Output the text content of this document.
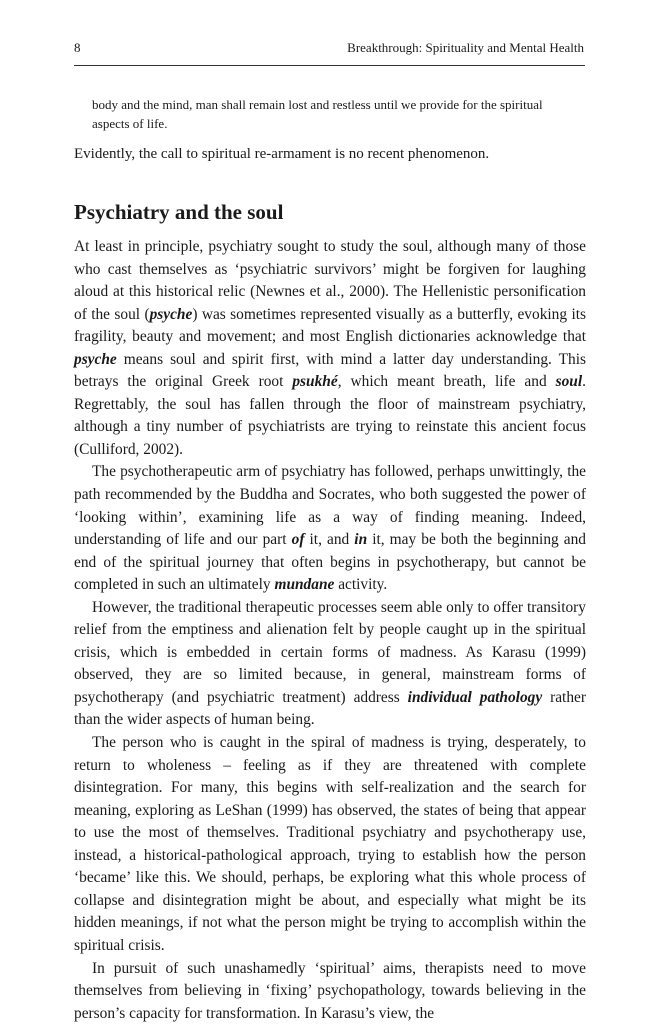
8	Breakthrough: Spirituality and Mental Health
body and the mind, man shall remain lost and restless until we provide for the spiritual aspects of life.
Evidently, the call to spiritual re-armament is no recent phenomenon.
Psychiatry and the soul

At least in principle, psychiatry sought to study the soul, although many of those who cast themselves as ‘psychiatric survivors’ might be forgiven for laughing aloud at this historical relic (Newnes et al., 2000). The Hellenistic personification of the soul (psyche) was sometimes represented visually as a butterfly, evoking its fragility, beauty and movement; and most English dictionaries acknowledge that psyche means soul and spirit first, with mind a latter day understanding. This betrays the original Greek root psukhé, which meant breath, life and soul. Regrettably, the soul has fallen through the floor of mainstream psychiatry, although a tiny number of psychiatrists are trying to reinstate this ancient focus (Culliford, 2002).

The psychotherapeutic arm of psychiatry has followed, perhaps unwittingly, the path recommended by the Buddha and Socrates, who both suggested the power of ‘looking within’, examining life as a way of finding meaning. Indeed, understanding of life and our part of it, and in it, may be both the beginning and end of the spiritual journey that often begins in psychotherapy, but cannot be completed in such an ultimately mundane activity.

However, the traditional therapeutic processes seem able only to offer transitory relief from the emptiness and alienation felt by people caught up in the spiritual crisis, which is embedded in certain forms of madness. As Karasu (1999) observed, they are so limited because, in general, mainstream forms of psychotherapy (and psychiatric treatment) address individual pathology rather than the wider aspects of human being.

The person who is caught in the spiral of madness is trying, desperately, to return to wholeness – feeling as if they are threatened with complete disintegration. For many, this begins with self-realization and the search for meaning, exploring as LeShan (1999) has observed, the states of being that appear to use the most of themselves. Traditional psychiatry and psychotherapy use, instead, a historical-pathological approach, trying to establish how the person ‘became’ like this. We should, perhaps, be exploring what this whole process of collapse and disintegration might be about, and especially what might be its hidden meanings, if not what the person might be trying to accomplish within the spiritual crisis.

In pursuit of such unashamedly ‘spiritual’ aims, therapists need to move themselves from believing in ‘fixing’ psychopathology, towards believing in the person’s capacity for transformation. In Karasu’s view, the
